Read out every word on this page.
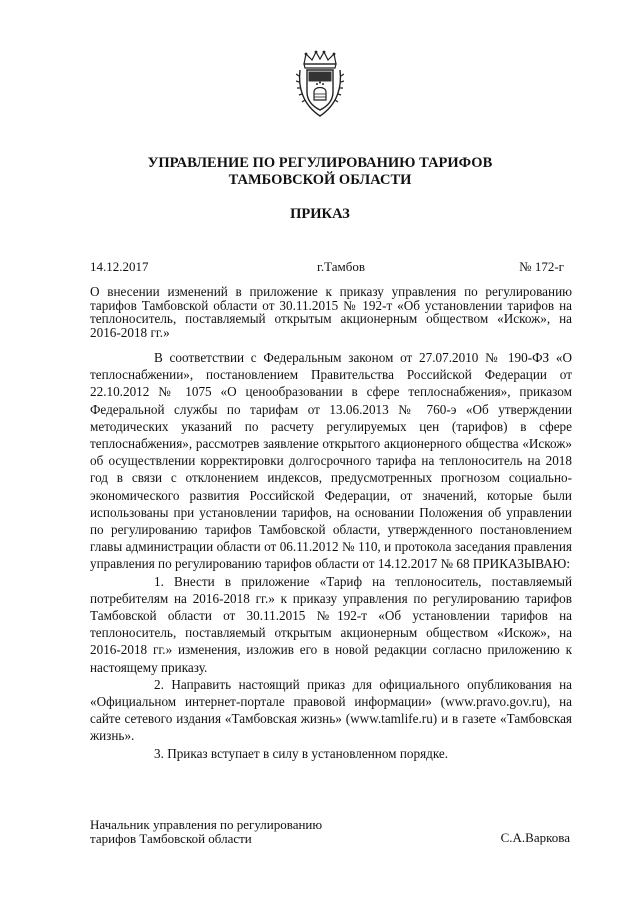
УПРАВЛЕНИЕ ПО РЕГУЛИРОВАНИЮ ТАРИФОВ
ТАМБОВСКОЙ ОБЛАСТИ
ПРИКАЗ
14.12.2017	г.Тамбов	№ 172-г
О внесении изменений в приложение к приказу управления по регулированию тарифов Тамбовской области от 30.11.2015 № 192-т «Об установлении тарифов на теплоноситель, поставляемый открытым акционерным обществом «Искож», на 2016-2018 гг.»

В соответствии с Федеральным законом от 27.07.2010 № 190-ФЗ «О теплоснабжении», постановлением Правительства Российской Федерации от 22.10.2012 № 1075 «О ценообразовании в сфере теплоснабжения», приказом Федеральной службы по тарифам от 13.06.2013 № 760-э «Об утверждении методических указаний по расчету регулируемых цен (тарифов) в сфере теплоснабжения», рассмотрев заявление открытого акционерного общества «Искож» об осуществлении корректировки долгосрочного тарифа на теплоноситель на 2018 год в связи с отклонением индексов, предусмотренных прогнозом социально-экономического развития Российской Федерации, от значений, которые были использованы при установлении тарифов, на основании Положения об управлении по регулированию тарифов Тамбовской области, утвержденного постановлением главы администрации области от 06.11.2012 № 110, и протокола заседания правления управления по регулированию тарифов области от 14.12.2017 № 68 ПРИКАЗЫВАЮ:

1. Внести в приложение «Тариф на теплоноситель, поставляемый потребителям на 2016-2018 гг.» к приказу управления по регулированию тарифов Тамбовской области от 30.11.2015 №192-т «Об установлении тарифов на теплоноситель, поставляемый открытым акционерным обществом «Искож», на 2016-2018 гг.» изменения, изложив его в новой редакции согласно приложению к настоящему приказу.

2. Направить настоящий приказ для официального опубликования на «Официальном интернет-портале правовой информации» (www.pravo.gov.ru), на сайте сетевого издания «Тамбовская жизнь» (www.tamlife.ru) и в газете «Тамбовская жизнь».

3. Приказ вступает в силу в установленном порядке.

Начальник управления по регулированию
тарифов Тамбовской области	С.А.Варкова
